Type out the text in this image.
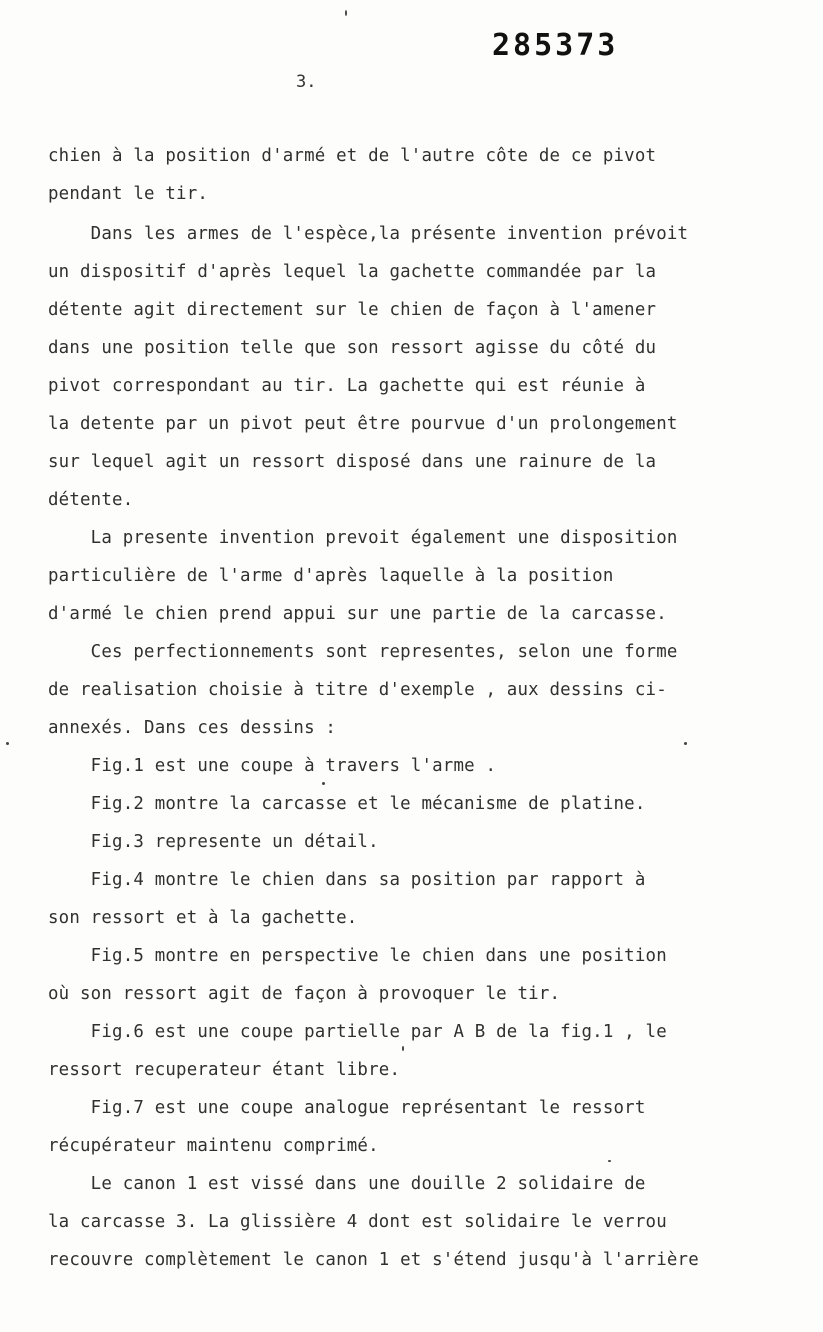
285373
3.
chien à la position d'armé et de l'autre côte de ce pivot
pendant le tir.
Dans les armes de l'espèce,la présente invention prévoit
un dispositif d'après lequel la gachette commandée par la
détente agit directement sur le chien de façon à l'amener
dans une position telle que son ressort agisse du côté du
pivot correspondant au tir. La gachette qui est réunie à
la detente par un pivot peut être pourvue d'un prolongement
sur lequel agit un ressort disposé dans une rainure de la
détente.
La presente invention prevoit également une disposition
particulière de l'arme d'après laquelle à la position
d'armé le chien prend appui sur une partie de la carcasse.
Ces perfectionnements sont representes, selon une forme
de realisation choisie à titre d'exemple , aux dessins ci-
annexés. Dans ces dessins :
Fig.1 est une coupe à travers l'arme .
Fig.2 montre la carcasse et le mécanisme de platine.
Fig.3 represente un détail.
Fig.4 montre le chien dans sa position par rapport à
son ressort et à la gachette.
Fig.5 montre en perspective le chien dans une position
où son ressort agit de façon à provoquer le tir.
Fig.6 est une coupe partielle par A B de la fig.1 , le
ressort recuperateur étant libre.
Fig.7 est une coupe analogue représentant le ressort
récupérateur maintenu comprimé.
Le canon 1 est vissé dans une douille 2 solidaire de
la carcasse 3. La glissière 4 dont est solidaire le verrou
recouvre complètement le canon 1 et s'étend jusqu'à l'arrière
